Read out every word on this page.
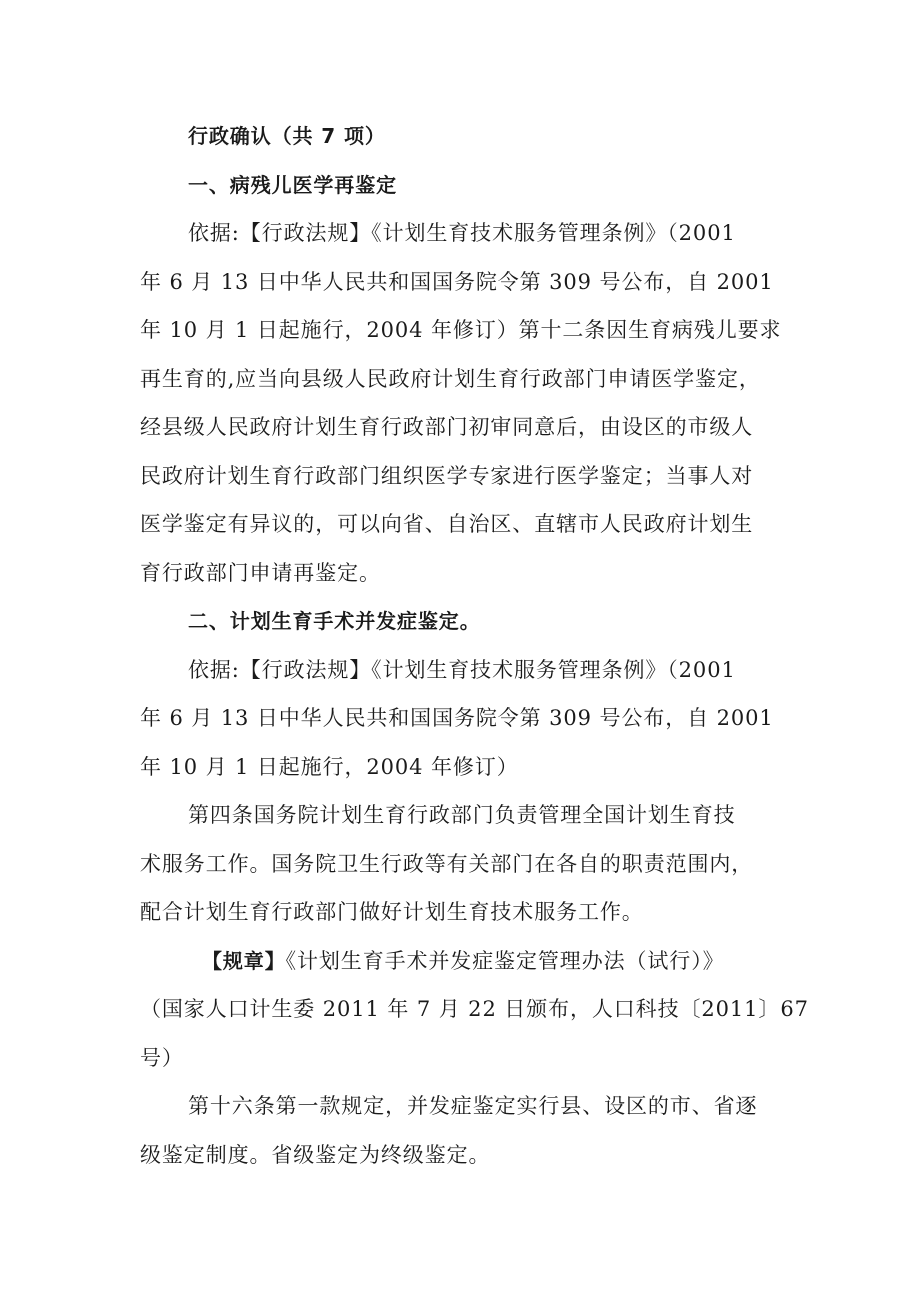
行政确认（共 7 项）
一、病残儿医学再鉴定
依据:【行政法规】《计划生育技术服务管理条例》（2001
年 6 月 13 日中华人民共和国国务院令第 309 号公布，自 2001
年 10 月 1 日起施行，2004 年修订）第十二条因生育病残儿要求
再生育的,应当向县级人民政府计划生育行政部门申请医学鉴定，
经县级人民政府计划生育行政部门初审同意后，由设区的市级人
民政府计划生育行政部门组织医学专家进行医学鉴定；当事人对
医学鉴定有异议的，可以向省、自治区、直辖市人民政府计划生
育行政部门申请再鉴定。
二、计划生育手术并发症鉴定。
依据:【行政法规】《计划生育技术服务管理条例》（2001
年 6 月 13 日中华人民共和国国务院令第 309 号公布，自 2001
年 10 月 1 日起施行，2004 年修订）
第四条国务院计划生育行政部门负责管理全国计划生育技
术服务工作。国务院卫生行政等有关部门在各自的职责范围内，
配合计划生育行政部门做好计划生育技术服务工作。
【规章】《计划生育手术并发症鉴定管理办法（试行）》
（国家人口计生委 2011 年 7 月 22 日颁布，人口科技〔2011〕67
号）
第十六条第一款规定，并发症鉴定实行县、设区的市、省逐
级鉴定制度。省级鉴定为终级鉴定。
